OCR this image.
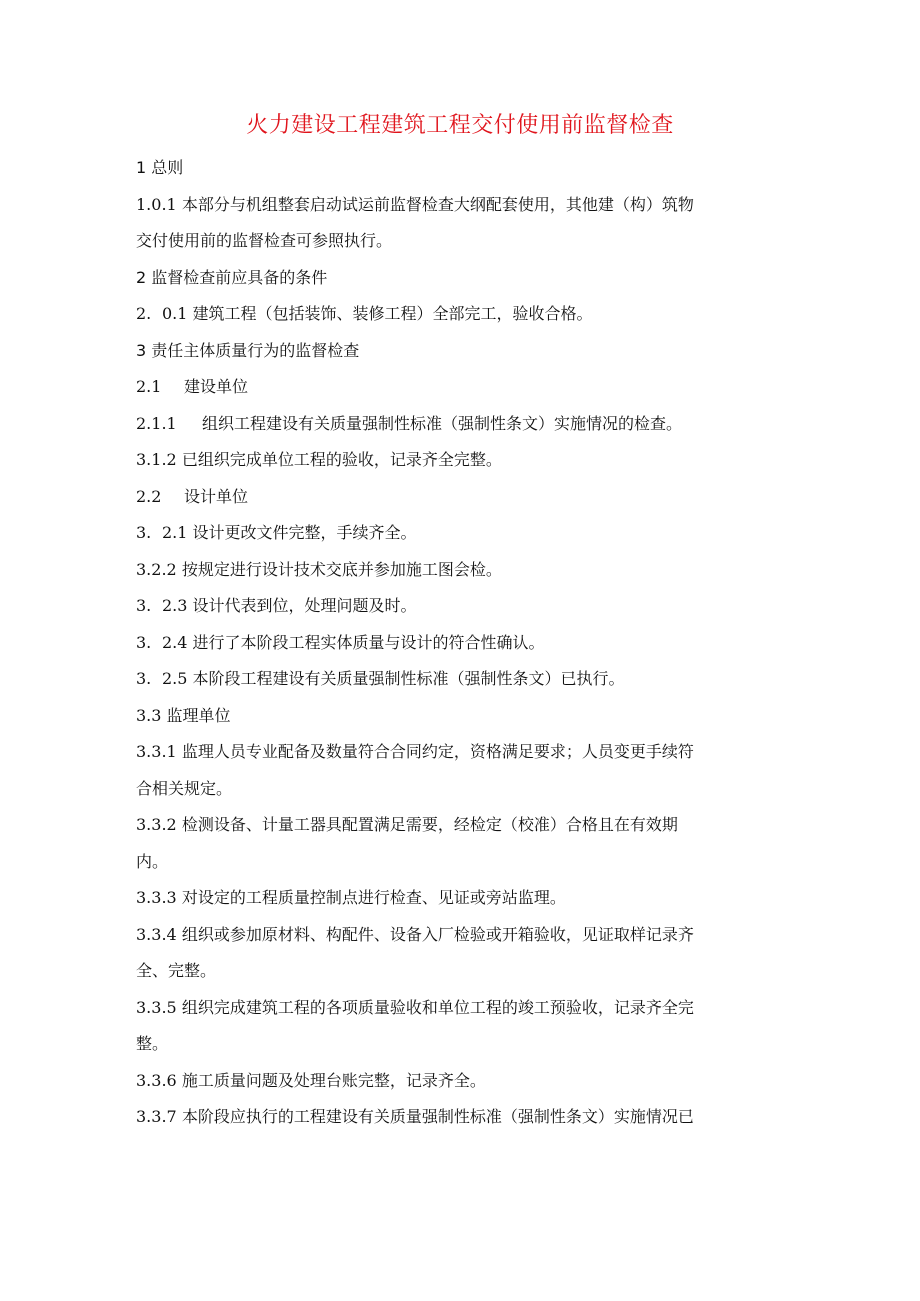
火力建设工程建筑工程交付使用前监督检查
1 总则
1.0.1 本部分与机组整套启动试运前监督检查大纲配套使用，其他建（构）筑物
交付使用前的监督检查可参照执行。
2 监督检查前应具备的条件
2. 0.1 建筑工程（包括装饰、装修工程）全部完工，验收合格。
3 责任主体质量行为的监督检查
2.1 建设单位
2.1.1 组织工程建设有关质量强制性标准（强制性条文）实施情况的检查。
3.1.2 已组织完成单位工程的验收，记录齐全完整。
2.2 设计单位
3. 2.1 设计更改文件完整，手续齐全。
3.2.2 按规定进行设计技术交底并参加施工图会检。
3. 2.3 设计代表到位，处理问题及时。
3. 2.4 进行了本阶段工程实体质量与设计的符合性确认。
3. 2.5 本阶段工程建设有关质量强制性标准（强制性条文）已执行。
3.3 监理单位
3.3.1 监理人员专业配备及数量符合合同约定，资格满足要求；人员变更手续符
合相关规定。
3.3.2 检测设备、计量工器具配置满足需要，经检定（校准）合格且在有效期
内。
3.3.3 对设定的工程质量控制点进行检查、见证或旁站监理。
3.3.4 组织或参加原材料、构配件、设备入厂检验或开箱验收，见证取样记录齐
全、完整。
3.3.5 组织完成建筑工程的各项质量验收和单位工程的竣工预验收，记录齐全完
整。
3.3.6 施工质量问题及处理台账完整，记录齐全。
3.3.7 本阶段应执行的工程建设有关质量强制性标准（强制性条文）实施情况已
